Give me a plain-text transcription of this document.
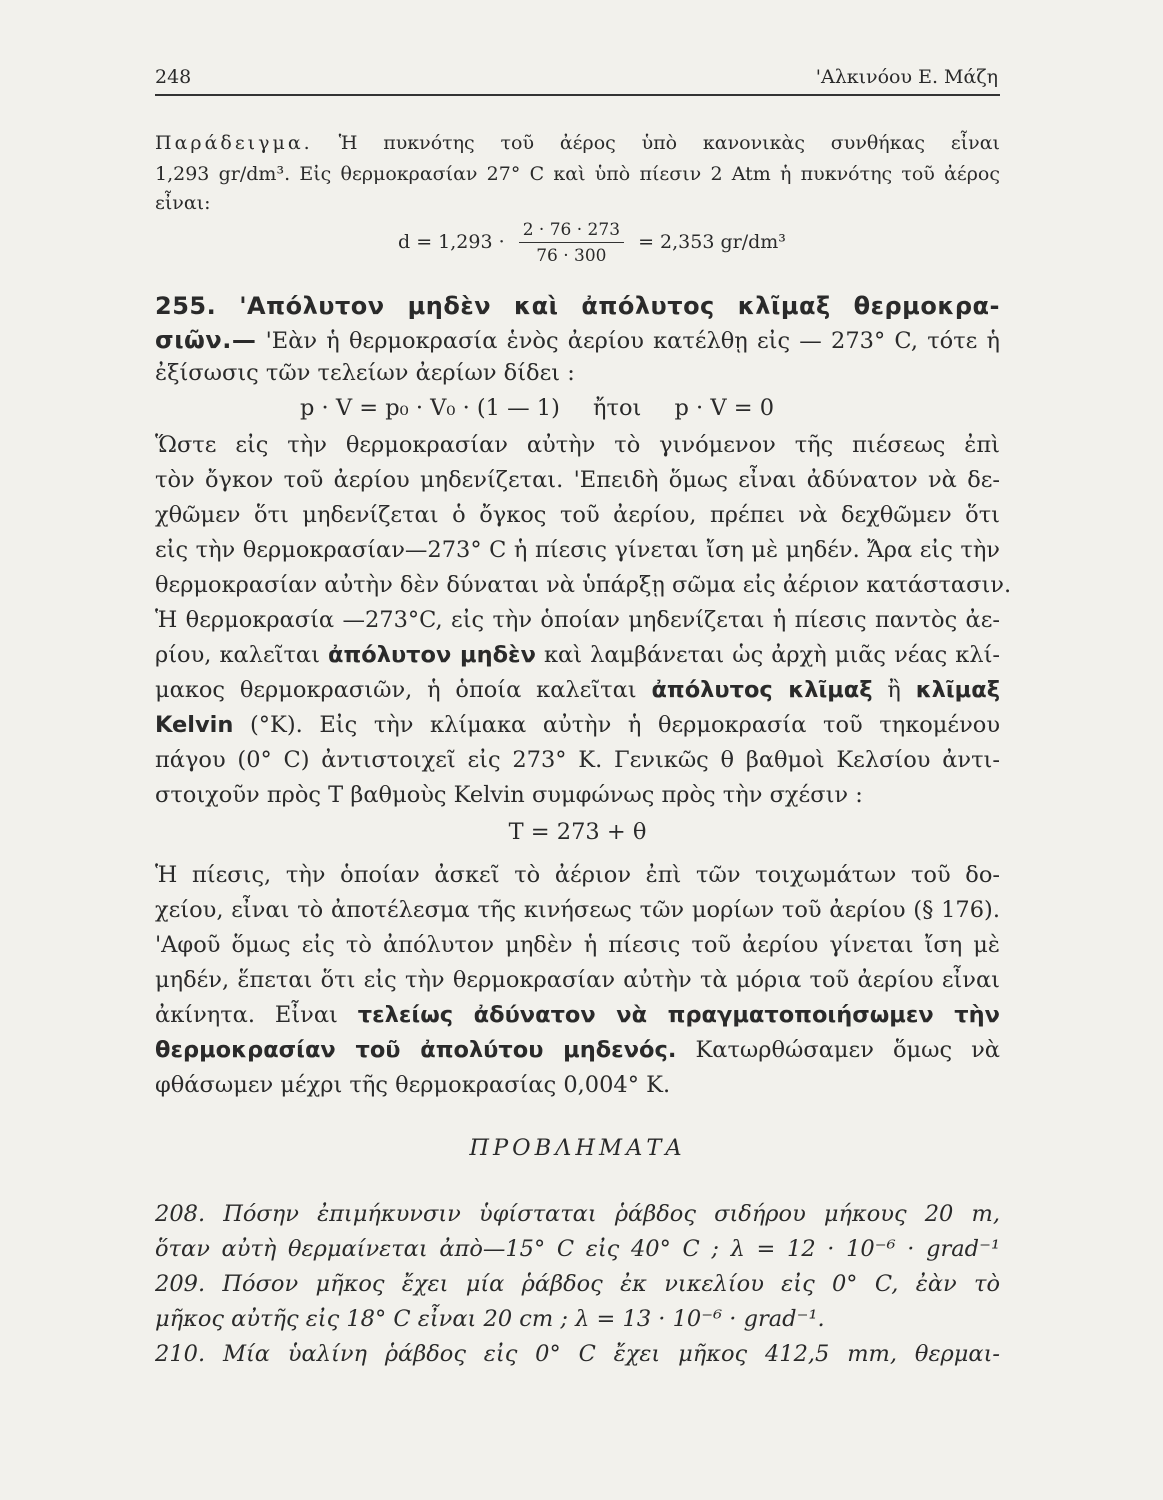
248	'Αλκινόου Ε. Μάζη
Παράδειγμα. Ἡ πυκνότης τοῦ ἀέρος ὑπὸ κανονικὰς συνθήκας εἶναι
1,293 gr/dm³. Εἰς θερμοκρασίαν 27° C καὶ ὑπὸ πίεσιν 2 Atm ἡ πυκνότης τοῦ ἀέρος
εἶναι:
$d = 1,293 \cdot \frac{2 \cdot 76 \cdot 273}{76 \cdot 300} = 2,353$ gr/dm³
255. 'Απόλυτον μηδὲν καὶ ἀπόλυτος κλῖμαξ θερμοκρα-
σιῶν.— 'Εὰν ἡ θερμοκρασία ἑνὸς ἀερίου κατέλθῃ εἰς — 273° C, τότε ἡ
ἐξίσωσις τῶν τελείων ἀερίων δίδει :
p · V = p₀ · V₀ · (1 — 1) ἤτοι p · V = 0
Ὥστε εἰς τὴν θερμοκρασίαν αὐτὴν τὸ γινόμενον τῆς πιέσεως ἐπὶ
τὸν ὄγκον τοῦ ἀερίου μηδενίζεται. 'Επειδὴ ὅμως εἶναι ἀδύνατον νὰ δε-
χθῶμεν ὅτι μηδενίζεται ὁ ὄγκος τοῦ ἀερίου, πρέπει νὰ δεχθῶμεν ὅτι
εἰς τὴν θερμοκρασίαν—273° C ἡ πίεσις γίνεται ἴση μὲ μηδέν. Ἄρα εἰς τὴν
θερμοκρασίαν αὐτὴν δὲν δύναται νὰ ὑπάρξῃ σῶμα εἰς ἀέριον κατάστασιν.
Ἡ θερμοκρασία —273°C, εἰς τὴν ὁποίαν μηδενίζεται ἡ πίεσις παντὸς ἀε-
ρίου, καλεῖται ἀπόλυτον μηδὲν καὶ λαμβάνεται ὡς ἀρχὴ μιᾶς νέας κλί-
μακος θερμοκρασιῶν, ἡ ὁποία καλεῖται ἀπόλυτος κλῖμαξ ἢ κλῖμαξ
Kelvin (°K). Εἰς τὴν κλίμακα αὐτὴν ἡ θερμοκρασία τοῦ τηκομένου
πάγου (0° C) ἀντιστοιχεῖ εἰς 273° K. Γενικῶς θ βαθμοὶ Κελσίου ἀντι-
στοιχοῦν πρὸς T βαθμοὺς Kelvin συμφώνως πρὸς τὴν σχέσιν :
T = 273 + θ
Ἡ πίεσις, τὴν ὁποίαν ἀσκεῖ τὸ ἀέριον ἐπὶ τῶν τοιχωμάτων τοῦ δο-
χείου, εἶναι τὸ ἀποτέλεσμα τῆς κινήσεως τῶν μορίων τοῦ ἀερίου (§ 176).
'Αφοῦ ὅμως εἰς τὸ ἀπόλυτον μηδὲν ἡ πίεσις τοῦ ἀερίου γίνεται ἴση μὲ
μηδέν, ἕπεται ὅτι εἰς τὴν θερμοκρασίαν αὐτὴν τὰ μόρια τοῦ ἀερίου εἶναι
ἀκίνητα. Εἶναι τελείως ἀδύνατον νὰ πραγματοποιήσωμεν τὴν
θερμοκρασίαν τοῦ ἀπολύτου μηδενός. Κατωρθώσαμεν ὅμως νὰ
φθάσωμεν μέχρι τῆς θερμοκρασίας 0,004° K.
ΠΡΟΒΛΗΜΑΤΑ
208. Πόσην ἐπιμήκυνσιν ὑφίσταται ῥάβδος σιδήρου μήκους 20 m,
ὅταν αὐτὴ θερμαίνεται ἀπὸ—15° C εἰς 40° C ; λ = 12 · 10⁻⁶ · grad⁻¹
209. Πόσον μῆκος ἔχει μία ῥάβδος ἐκ νικελίου εἰς 0° C, ἐὰν τὸ
μῆκος αὐτῆς εἰς 18° C εἶναι 20 cm ; λ = 13 · 10⁻⁶ · grad⁻¹.
210. Μία ὑαλίνη ῥάβδος εἰς 0° C ἔχει μῆκος 412,5 mm, θερμαι-
